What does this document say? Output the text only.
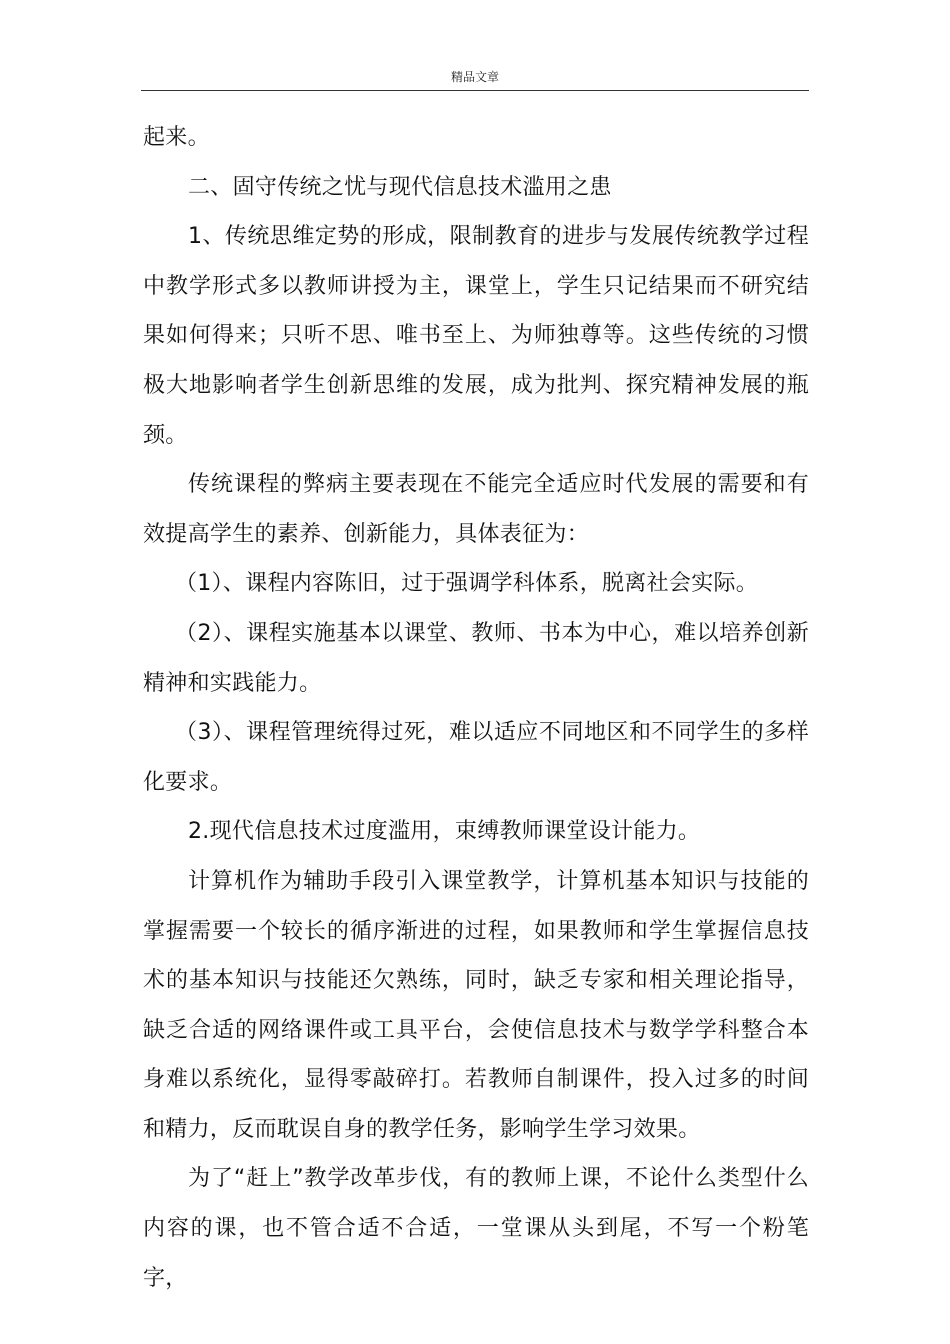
精品文章

起来。

二、固守传统之忧与现代信息技术滥用之患

1、传统思维定势的形成，限制教育的进步与发展传统教学过程中教学形式多以教师讲授为主，课堂上，学生只记结果而不研究结果如何得来；只听不思、唯书至上、为师独尊等。这些传统的习惯极大地影响者学生创新思维的发展，成为批判、探究精神发展的瓶颈。

传统课程的弊病主要表现在不能完全适应时代发展的需要和有效提高学生的素养、创新能力，具体表征为：

（1）、课程内容陈旧，过于强调学科体系，脱离社会实际。

（2）、课程实施基本以课堂、教师、书本为中心，难以培养创新精神和实践能力。

（3）、课程管理统得过死，难以适应不同地区和不同学生的多样化要求。

2.现代信息技术过度滥用，束缚教师课堂设计能力。

计算机作为辅助手段引入课堂教学，计算机基本知识与技能的掌握需要一个较长的循序渐进的过程，如果教师和学生掌握信息技术的基本知识与技能还欠熟练，同时，缺乏专家和相关理论指导，缺乏合适的网络课件或工具平台，会使信息技术与数学学科整合本身难以系统化，显得零敲碎打。若教师自制课件，投入过多的时间和精力，反而耽误自身的教学任务，影响学生学习效果。

为了“赶上”教学改革步伐，有的教师上课，不论什么类型什么内容的课，也不管合适不合适，一堂课从头到尾，不写一个粉笔字，
